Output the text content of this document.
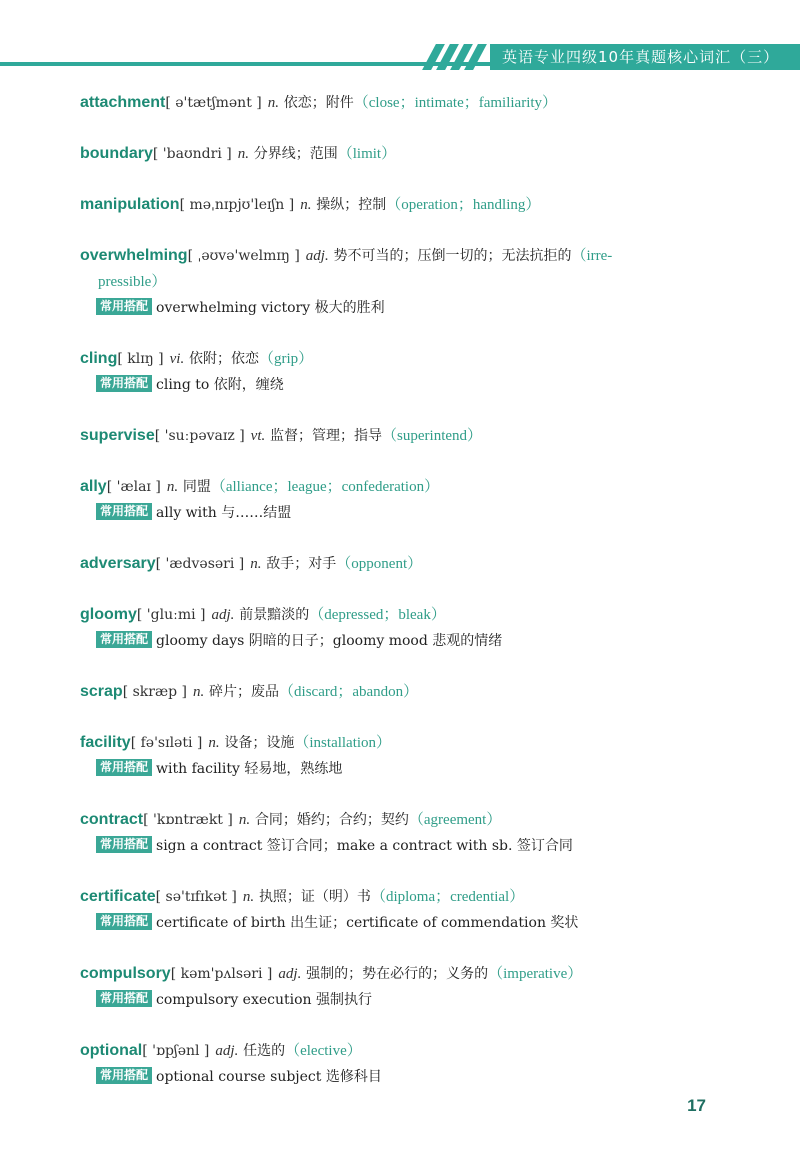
英语专业四级10年真题核心词汇（三）
attachment[ ə'tætʃmənt ] n. 依恋；附件（close；intimate；familiarity）
boundary[ 'baʊndri ] n. 分界线；范围（limit）
manipulation[ məˌnɪpjʊ'leɪʃn ] n. 操纵；控制（operation；handling）
overwhelming[ ˌəʊvə'welmɪŋ ] adj. 势不可当的；压倒一切的；无法抗拒的（irre-
pressible）
常用搭配 overwhelming victory 极大的胜利
cling[ klɪŋ ] vi. 依附；依恋（grip）
常用搭配 cling to 依附，缠绕
supervise[ 'suːpəvaɪz ] vt. 监督；管理；指导（superintend）
ally[ 'ælaɪ ] n. 同盟（alliance；league；confederation）
常用搭配 ally with 与……结盟
adversary[ 'ædvəsəri ] n. 敌手；对手（opponent）
gloomy[ 'gluːmi ] adj. 前景黯淡的（depressed；bleak）
常用搭配 gloomy days 阴暗的日子；gloomy mood 悲观的情绪
scrap[ skræp ] n. 碎片；废品（discard；abandon）
facility[ fə'sɪləti ] n. 设备；设施（installation）
常用搭配 with facility 轻易地，熟练地
contract[ 'kɒntrækt ] n. 合同；婚约；合约；契约（agreement）
常用搭配 sign a contract 签订合同；make a contract with sb. 签订合同
certificate[ sə'tɪfɪkət ] n. 执照；证（明）书（diploma；credential）
常用搭配 certificate of birth 出生证；certificate of commendation 奖状
compulsory[ kəm'pʌlsəri ] adj. 强制的；势在必行的；义务的（imperative）
常用搭配 compulsory execution 强制执行
optional[ 'ɒpʃənl ] adj. 任选的（elective）
常用搭配 optional course subject 选修科目
17
